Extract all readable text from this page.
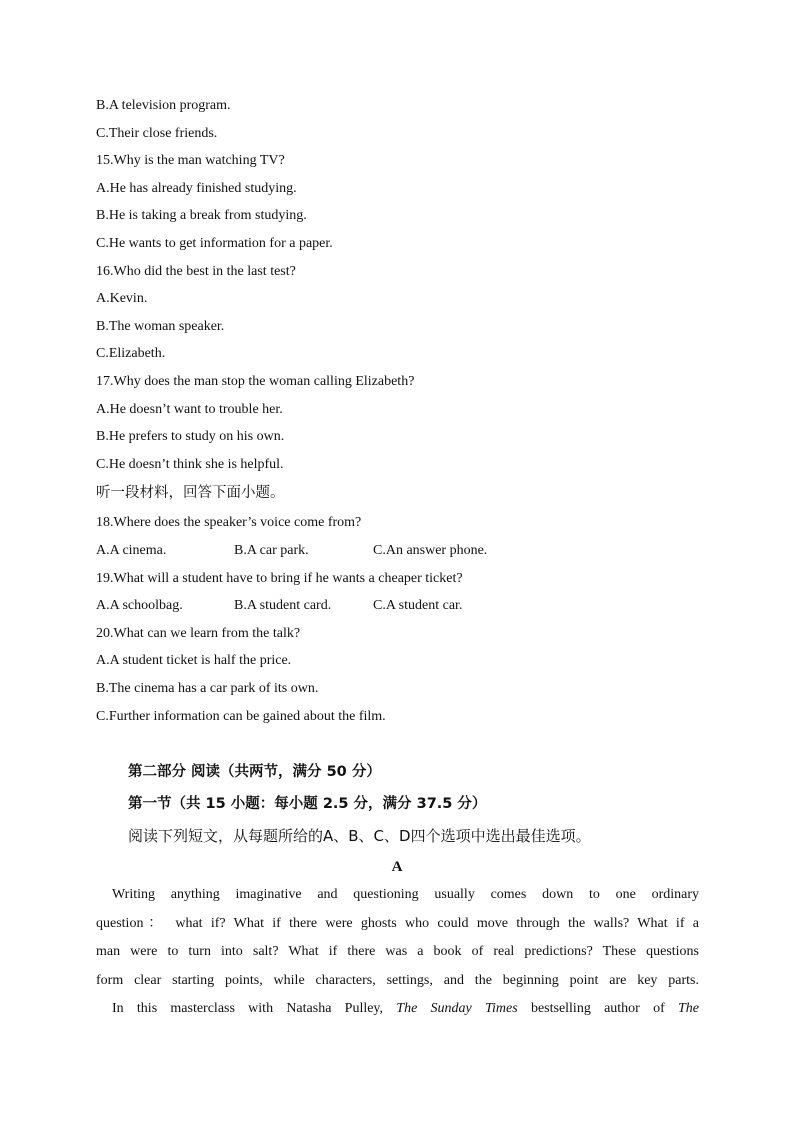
B.A television program.
C.Their close friends.
15.Why is the man watching TV?
A.He has already finished studying.
B.He is taking a break from studying.
C.He wants to get information for a paper.
16.Who did the best in the last test?
A.Kevin.
B.The woman speaker.
C.Elizabeth.
17.Why does the man stop the woman calling Elizabeth?
A.He doesn’t want to trouble her.
B.He prefers to study on his own.
C.He doesn’t think she is helpful.
听一段材料，回答下面小题。
18.Where does the speaker’s voice come from?
A.A cinema.	B.A car park.	C.An answer phone.
19.What will a student have to bring if he wants a cheaper ticket?
A.A schoolbag.	B.A student card.	C.A student car.
20.What can we learn from the talk?
A.A student ticket is half the price.
B.The cinema has a car park of its own.
C.Further information can be gained about the film.
第二部分 阅读（共两节，满分 50 分）
第一节（共 15 小题：每小题 2.5 分，满分 37.5 分）
阅读下列短文，从每题所给的A、B、C、D四个选项中选出最佳选项。
A
Writing anything imaginative and questioning usually comes down to one ordinary
question： what if? What if there were ghosts who could move through the walls? What if a
man were to turn into salt? What if there was a book of real predictions? These questions
form clear starting points, while characters, settings, and the beginning point are key parts.
In this masterclass with Natasha Pulley, The Sunday Times bestselling author of The
